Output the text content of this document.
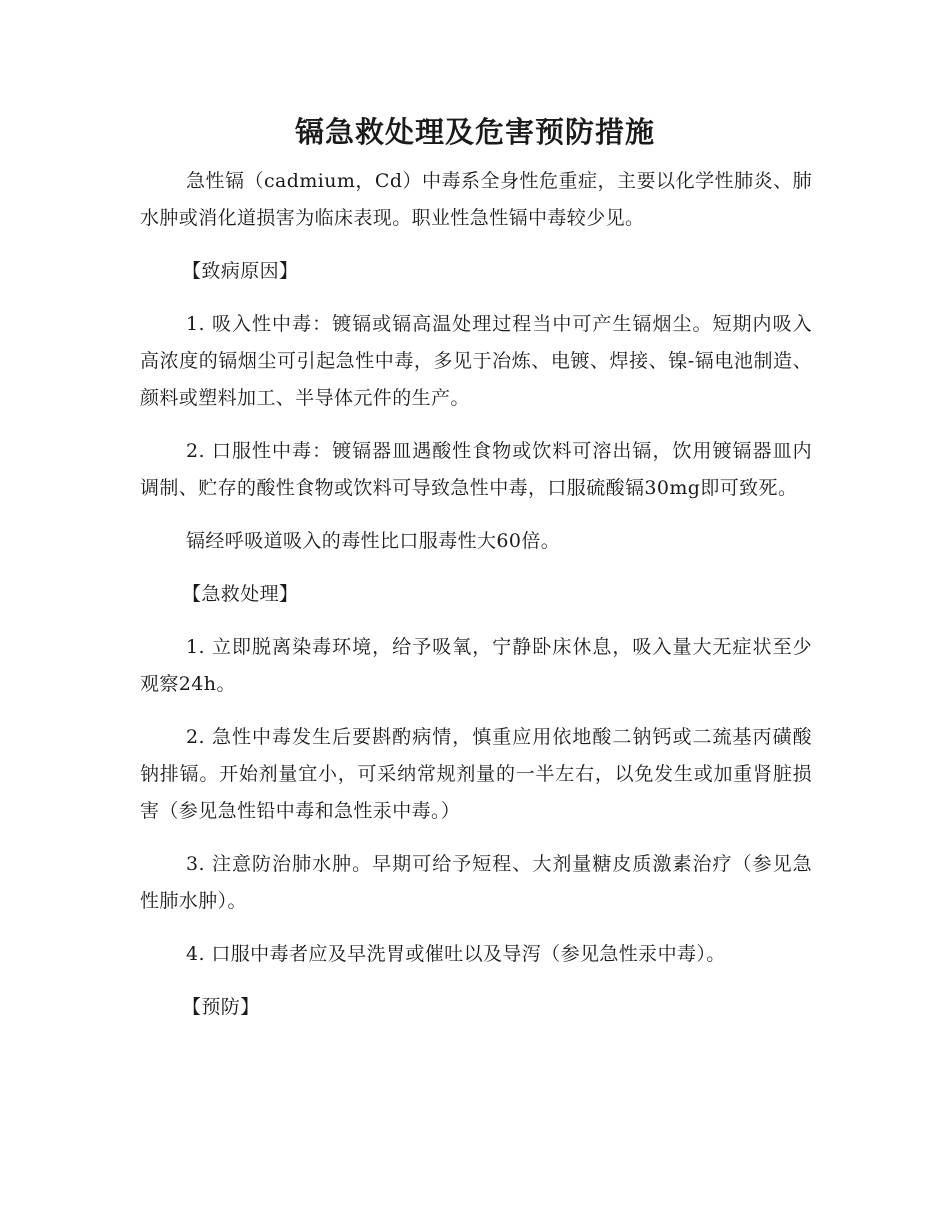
镉急救处理及危害预防措施

急性镉（cadmium，Cd）中毒系全身性危重症，主要以化学性肺炎、肺水肿或消化道损害为临床表现。职业性急性镉中毒较少见。

【致病原因】

1. 吸入性中毒：镀镉或镉高温处理过程当中可产生镉烟尘。短期内吸入高浓度的镉烟尘可引起急性中毒，多见于冶炼、电镀、焊接、镍-镉电池制造、颜料或塑料加工、半导体元件的生产。

2. 口服性中毒：镀镉器皿遇酸性食物或饮料可溶出镉，饮用镀镉器皿内调制、贮存的酸性食物或饮料可导致急性中毒，口服硫酸镉30mg即可致死。

镉经呼吸道吸入的毒性比口服毒性大60倍。

【急救处理】

1. 立即脱离染毒环境，给予吸氧，宁静卧床休息，吸入量大无症状至少观察24h。

2. 急性中毒发生后要斟酌病情，慎重应用依地酸二钠钙或二巯基丙磺酸钠排镉。开始剂量宜小，可采纳常规剂量的一半左右，以免发生或加重肾脏损害（参见急性铅中毒和急性汞中毒。）

3. 注意防治肺水肿。早期可给予短程、大剂量糖皮质激素治疗（参见急性肺水肿）。

4. 口服中毒者应及早洗胃或催吐以及导泻（参见急性汞中毒）。

【预防】
